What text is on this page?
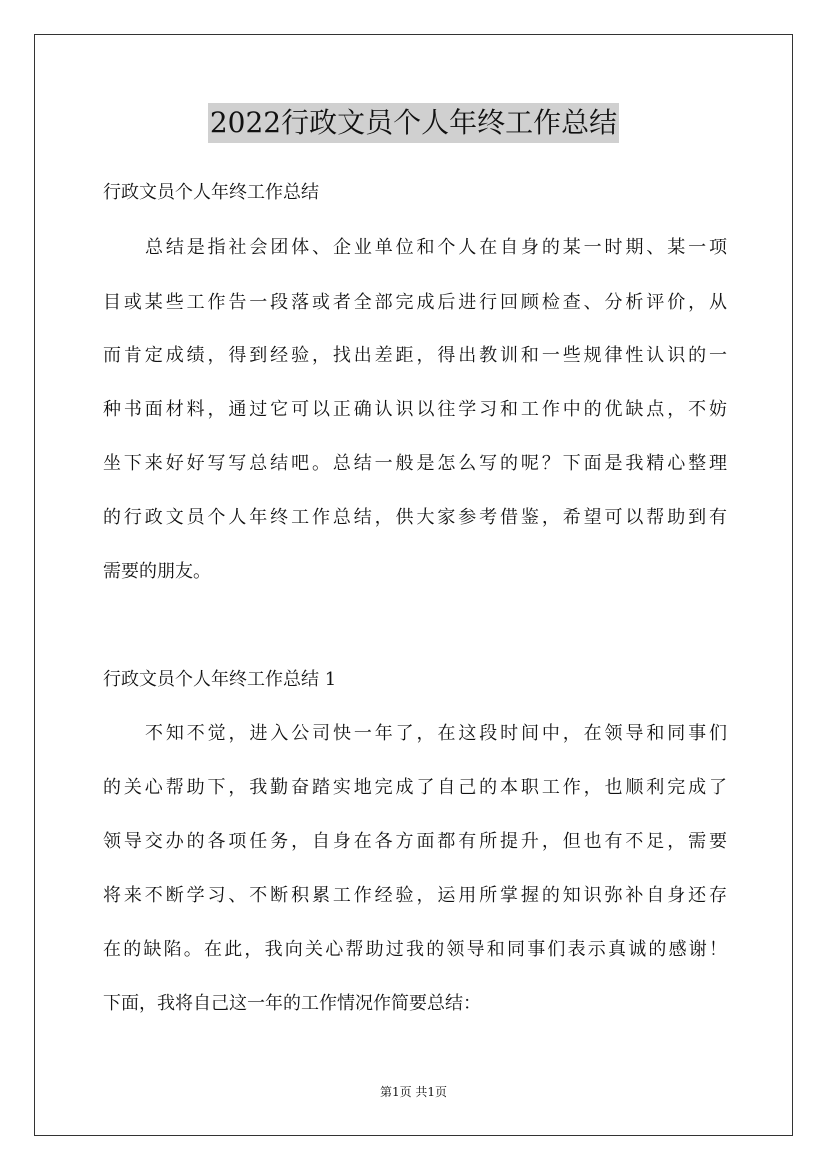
2022行政文员个人年终工作总结
行政文员个人年终工作总结
总结是指社会团体、企业单位和个人在自身的某一时期、某一项
目或某些工作告一段落或者全部完成后进行回顾检查、分析评价，从
而肯定成绩，得到经验，找出差距，得出教训和一些规律性认识的一
种书面材料，通过它可以正确认识以往学习和工作中的优缺点，不妨
坐下来好好写写总结吧。总结一般是怎么写的呢？下面是我精心整理
的行政文员个人年终工作总结，供大家参考借鉴，希望可以帮助到有
需要的朋友。
行政文员个人年终工作总结 1
不知不觉，进入公司快一年了，在这段时间中，在领导和同事们
的关心帮助下，我勤奋踏实地完成了自己的本职工作，也顺利完成了
领导交办的各项任务，自身在各方面都有所提升，但也有不足，需要
将来不断学习、不断积累工作经验，运用所掌握的知识弥补自身还存
在的缺陷。在此，我向关心帮助过我的领导和同事们表示真诚的感谢！
下面，我将自己这一年的工作情况作简要总结：
第1页 共1页
